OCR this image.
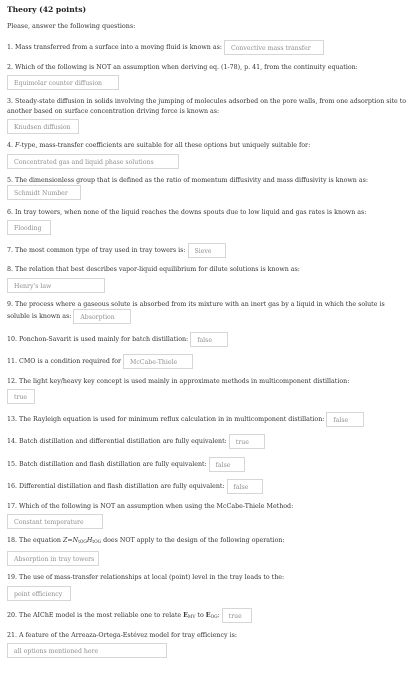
Theory (42 points)
Please, answer the following questions:
1. Mass transferred from a surface into a moving fluid is known as: Convective mass transfer
2. Which of the following is NOT an assumption when deriving eq. (1-78), p. 41, from the continuity equation:
Equimolar counter diffusion
3. Steady-state diffusion in solids involving the jumping of molecules adsorbed on the pore walls, from one adsorption site to another based on surface concentration driving force is known as:
Knudsen diffusion
4. F-type, mass-transfer coefficients are suitable for all these options but uniquely suitable for:
Concentrated gas and liquid phase solutions
5. The dimensionless group that is defined as the ratio of momentum diffusivity and mass diffusivity is known as: Schmidt Number
6. In tray towers, when none of the liquid reaches the downs spouts due to low liquid and gas rates is known as:
Flooding
7. The most common type of tray used in tray towers is: Sieve
8. The relation that best describes vapor-liquid equilibrium for dilute solutions is known as:
Henry's law
9. The process where a gaseous solute is absorbed from its mixture with an inert gas by a liquid in which the solute is soluble is known as: Absorption
10. Ponchon-Savarit is used mainly for batch distillation: false
11. CMO is a condition required for McCabe-Thiele
12. The light key/heavy key concept is used mainly in approximate methods in multicomponent distillation:
true
13. The Rayleigh equation is used for minimum reflux calculation in in multicomponent distillation: false
14. Batch distillation and differential distillation are fully equivalent: true
15. Batch distillation and flash distillation are fully equivalent: false
16. Differential distillation and flash distillation are fully equivalent: false
17. Which of the following is NOT an assumption when using the McCabe-Thiele Method:
Constant temperature
18. The equation $Z=N_{tOG}H_{tOG}$ does NOT apply to the design of the following operation:
Absorption in tray towers
19. The use of mass-transfer relationships at local (point) level in the tray leads to the:
point efficiency
20. The AIChE model is the most reliable one to relate $E_{MV}$ to $E_{OG}$: true
21. A feature of the Arreaza-Ortega-Estévez model for tray efficiency is:
all options mentioned here
